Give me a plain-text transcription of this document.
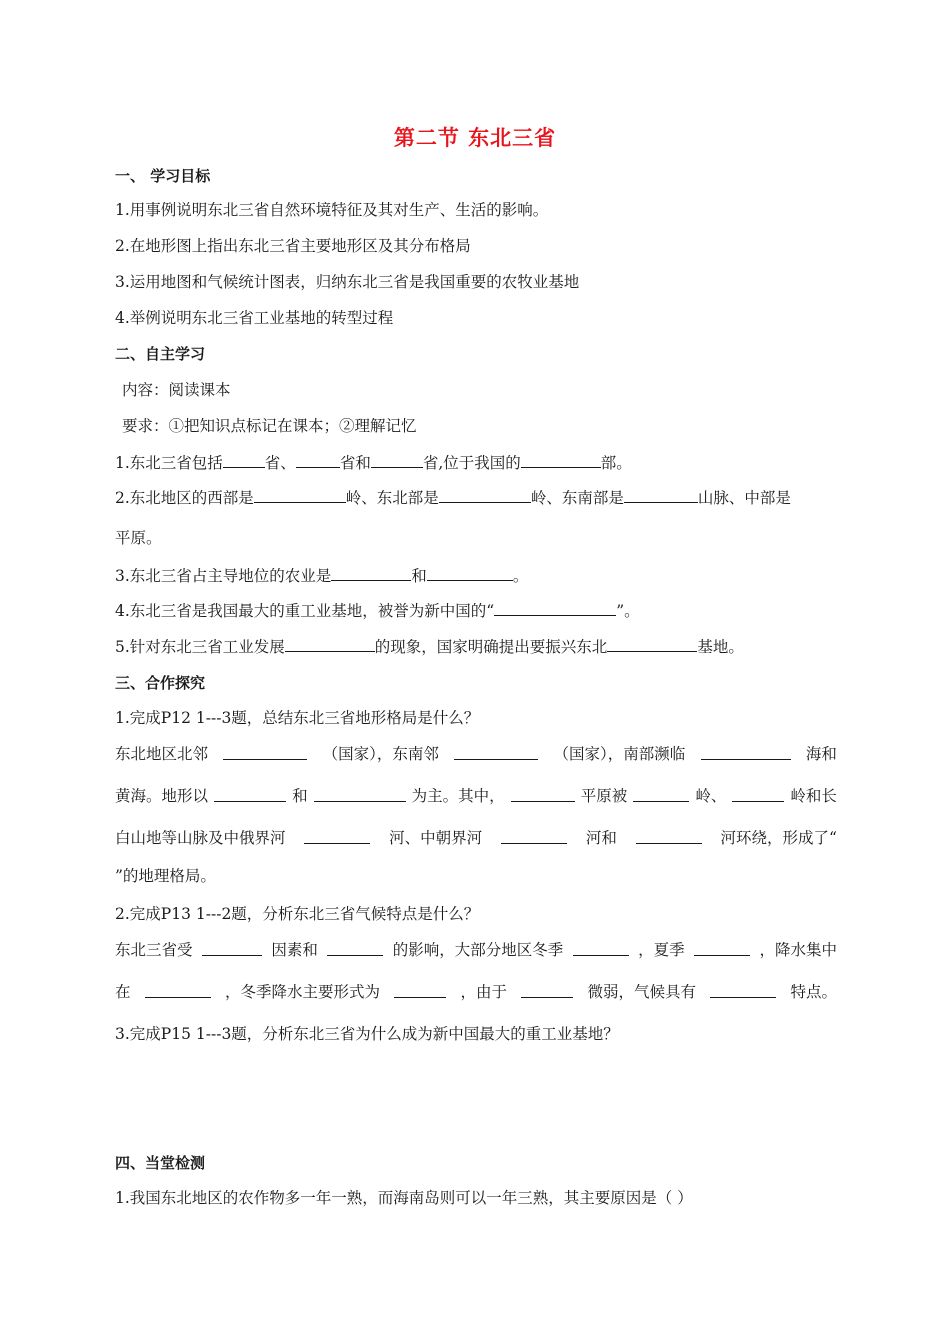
第二节 东北三省
一、 学习目标
1.用事例说明东北三省自然环境特征及其对生产、生活的影响。
2.在地形图上指出东北三省主要地形区及其分布格局
3.运用地图和气候统计图表，归纳东北三省是我国重要的农牧业基地
4.举例说明东北三省工业基地的转型过程
二、自主学习
内容：阅读课本
要求：①把知识点标记在课本；②理解记忆
1.东北三省包括	省、	省和	省,位于我国的	部。
2.东北地区的西部是	岭、东北部是	岭、东南部是	山脉、中部是
平原。
3.东北三省占主导地位的农业是	和	。
4.东北三省是我国最大的重工业基地，被誉为新中国的“	”。
5.针对东北三省工业发展	的现象，国家明确提出要振兴东北	基地。
三、合作探究
1.完成P12 1---3题，总结东北三省地形格局是什么？
东北地区北邻	（国家），东南邻	（国家），南部濒临	海和
黄海。地形以	和	为主。其中，	平原被	岭、	岭和长
白山地等山脉及中俄界河	河、中朝界河	河和	河环绕，形成了“
”的地理格局。
2.完成P13 1---2题，分析东北三省气候特点是什么？
东北三省受	因素和	的影响，大部分地区冬季	，夏季	，降水集中
在	，冬季降水主要形式为	，由于	微弱，气候具有	特点。
3.完成P15 1---3题，分析东北三省为什么成为新中国最大的重工业基地？
四、当堂检测
1.我国东北地区的农作物多一年一熟，而海南岛则可以一年三熟，其主要原因是（ ）
